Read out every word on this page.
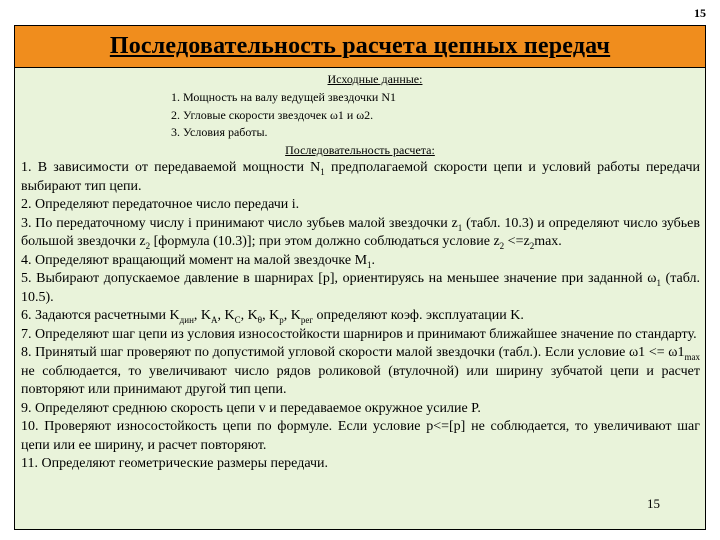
15
Последовательность расчета цепных передач
Исходные данные:
1. Мощность на валу ведущей звездочки N1
2. Угловые скорости звездочек ω1 и ω2.
3. Условия работы.
Последовательность расчета:
1. В зависимости от передаваемой мощности $N_1$ предполагаемой скорости цепи и условий работы передачи выбирают тип цепи.
2. Определяют передаточное число передачи i.
3. По передаточному числу i принимают число зубьев малой звездочки $z_1$ (табл. 10.3) и определяют число зубьев большой звездочки $z_2$ [формула (10.3)]; при этом должно соблюдаться условие $z_2 <=z_2\max$.
4. Определяют вращающий момент на малой звездочке $M_1$.
5. Выбирают допускаемое давление в шарнирах [p], ориентируясь на меньшее значение при заданной $\omega_1$ (табл. 10.5).
6. Задаются расчетными $K_{дин}$, $K_A$, $K_C$, $K_\theta$, $K_p$, $K_{рег}$ определяют коэф. эксплуатации K.
7. Определяют шаг цепи из условия износостойкости шарниров и принимают ближайшее значение по стандарту.
8. Принятый шаг проверяют по допустимой угловой скорости малой звездочки (табл.). Если условие $\omega 1 <= \omega 1_{max}$ не соблюдается, то увеличивают число рядов роликовой (втулочной) или ширину зубчатой цепи и расчет повторяют или принимают другой тип цепи.
9. Определяют среднюю скорость цепи v и передаваемое окружное усилие P.
10. Проверяют износостойкость цепи по формуле. Если условие p<=[p] не соблюдается, то увеличивают шаг цепи или ее ширину, и расчет повторяют.
11. Определяют геометрические размеры передачи.
15
